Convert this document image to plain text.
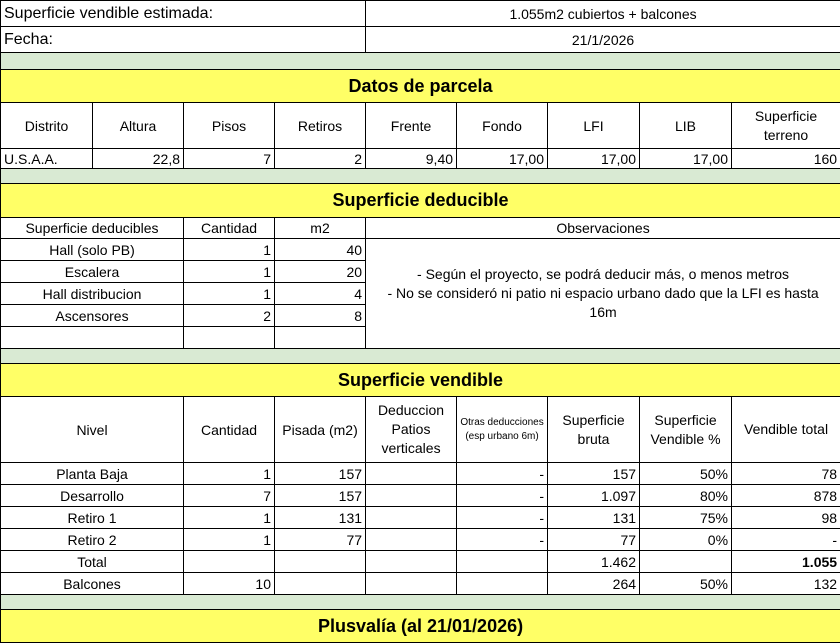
Superficie vendible estimada:				1.055m2 cubiertos + balcones				
Fecha:				21/1/2026				

Datos de parcela								
Distrito	Altura	Pisos	Retiros	Frente	Fondo	LFI	LIB	Superficie terreno
U.S.A.A.	22,8	7	2	9,40	17,00	17,00	17,00	160

Superficie deducible								
Superficie deducibles		Cantidad	m2	Observaciones				
Hall (solo PB)		1	40	- Según el proyecto, se podrá deducir más, o menos metros
- No se consideró ni patio ni espacio urbano dado que la LFI es hasta 16m				
Escalera		1	20					
Hall distribucion		1	4					
Ascensores		2	8					

Superficie vendible								
Nivel		Cantidad	Pisada (m2)	Deduccion Patios verticales	Otras deducciones (esp urbano 6m)	Superficie bruta	Superficie Vendible %	Vendible total
Planta Baja		1	157		-	157	50%	78
Desarrollo		7	157		-	1.097	80%	878
Retiro 1		1	131		-	131	75%	98
Retiro 2		1	77		-	77	0%	-
Total						1.462		1.055
Balcones		10				264	50%	132

Plusvalía (al 21/01/2026)								
